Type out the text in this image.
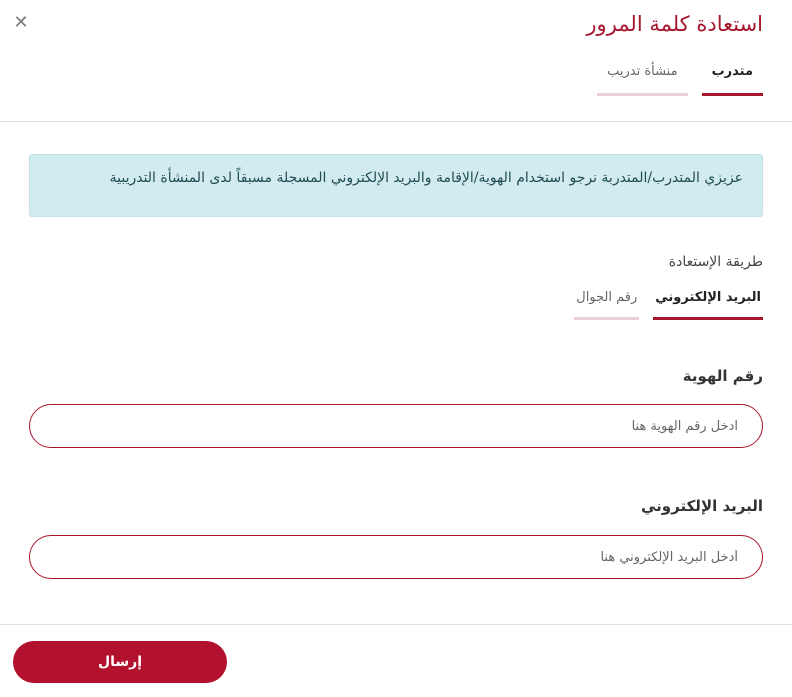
✕	استعادة كلمة المرور
متدرب
منشأة تدريب
عزيزي المتدرب/المتدربة نرجو استخدام الهوية/الإقامة والبريد الإلكتروني المسجلة مسبقاً لدى المنشأة التدريبية
طريقة الإستعادة
البريد الإلكتروني
رقم الجوال
رقم الهوية
ادخل رقم الهوية هنا
البريد الإلكتروني
أدخل البريد الإلكتروني هنا
إرسال
